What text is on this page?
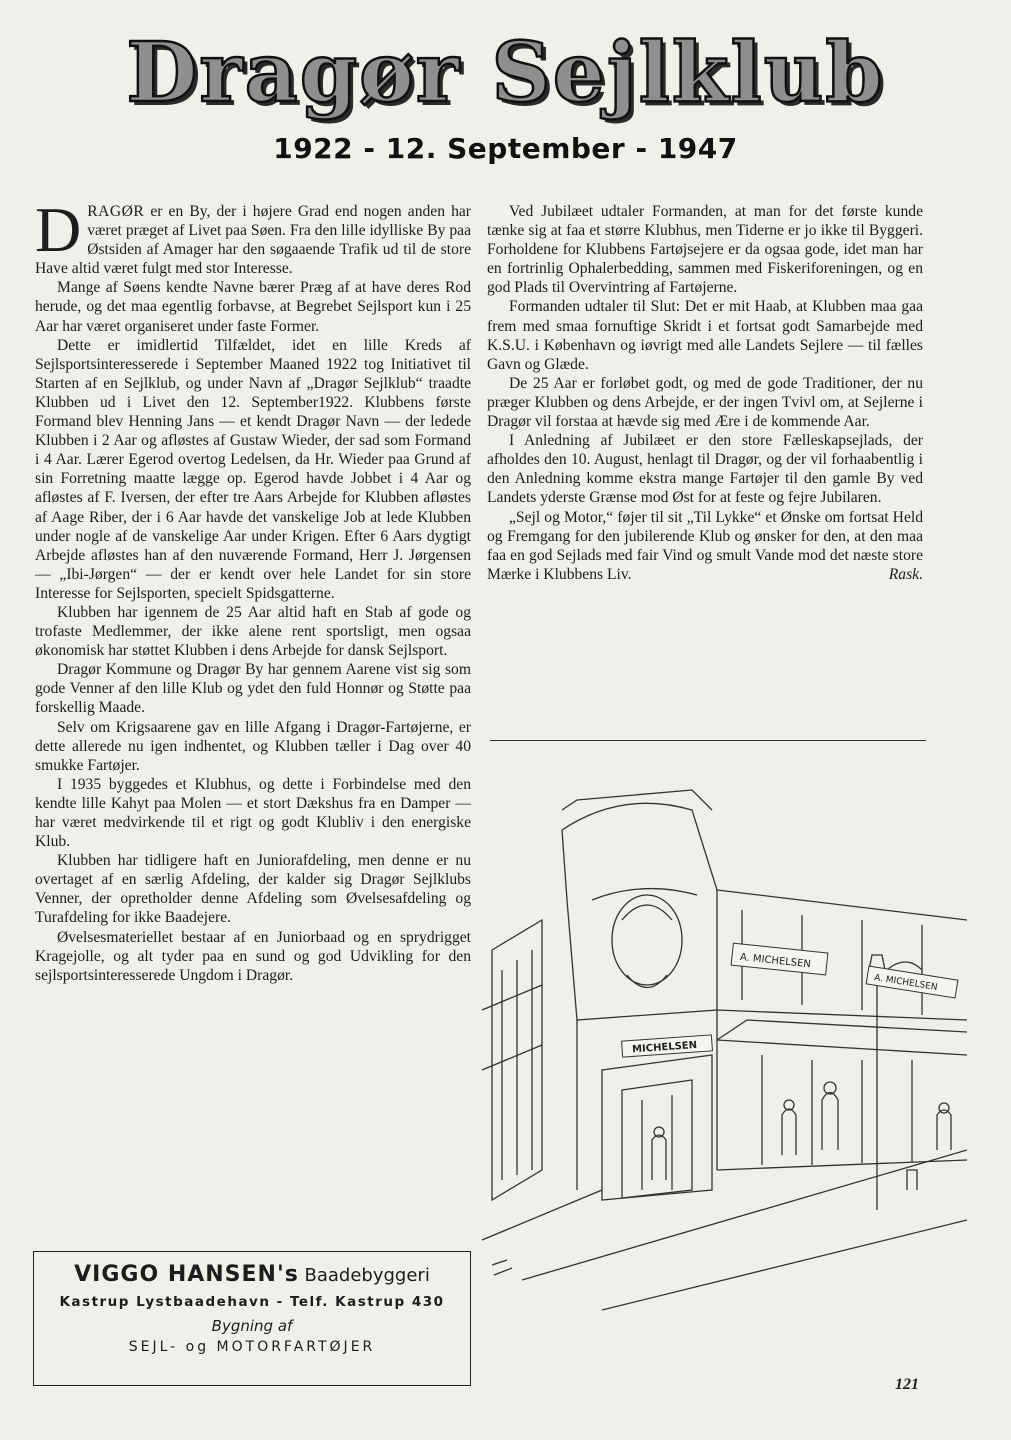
Dragør Sejlklub
1922 - 12. September - 1947

DRAGØR er en By, der i højere Grad end nogen anden har været præget af Livet paa Søen. Fra den lille idylliske By paa Østsiden af Amager har den søgaaende Trafik ud til de store Have altid været fulgt med stor Interesse.

Mange af Søens kendte Navne bærer Præg af at have deres Rod herude, og det maa egentlig forbavse, at Begrebet Sejlsport kun i 25 Aar har været organiseret under faste Former.

Dette er imidlertid Tilfældet, idet en lille Kreds af Sejlsportsinteresserede i September Maaned 1922 tog Initiativet til Starten af en Sejlklub, og under Navn af „Dragør Sejlklub“ traadte Klubben ud i Livet den 12. September1922. Klubbens første Formand blev Henning Jans — et kendt Dragør Navn — der ledede Klubben i 2 Aar og afløstes af Gustaw Wieder, der sad som Formand i 4 Aar. Lærer Egerod overtog Ledelsen, da Hr. Wieder paa Grund af sin Forretning maatte lægge op. Egerod havde Jobbet i 4 Aar og afløstes af F. Iversen, der efter tre Aars Arbejde for Klubben afløstes af Aage Riber, der i 6 Aar havde det vanskelige Job at lede Klubben under nogle af de vanskelige Aar under Krigen. Efter 6 Aars dygtigt Arbejde afløstes han af den nuværende Formand, Herr J. Jørgensen — „Ibi-Jørgen“ — der er kendt over hele Landet for sin store Interesse for Sejlsporten, specielt Spidsgatterne.

Klubben har igennem de 25 Aar altid haft en Stab af gode og trofaste Medlemmer, der ikke alene rent sportsligt, men ogsaa økonomisk har støttet Klubben i dens Arbejde for dansk Sejlsport.

Dragør Kommune og Dragør By har gennem Aarene vist sig som gode Venner af den lille Klub og ydet den fuld Honnør og Støtte paa forskellig Maade.

Selv om Krigsaarene gav en lille Afgang i Dragør-Fartøjerne, er dette allerede nu igen indhentet, og Klubben tæller i Dag over 40 smukke Fartøjer.

I 1935 byggedes et Klubhus, og dette i Forbindelse med den kendte lille Kahyt paa Molen — et stort Dækshus fra en Damper — har været medvirkende til et rigt og godt Klubliv i den energiske Klub.

Klubben har tidligere haft en Juniorafdeling, men denne er nu overtaget af en særlig Afdeling, der kalder sig Dragør Sejlklubs Venner, der opretholder denne Afdeling som Øvelsesafdeling og Turafdeling for ikke Baadejere.

Øvelsesmateriellet bestaar af en Juniorbaad og en sprydrigget Kragejolle, og alt tyder paa en sund og god Udvikling for den sejlsportsinteresserede Ungdom i Dragør.

Ved Jubilæet udtaler Formanden, at man for det første kunde tænke sig at faa et større Klubhus, men Tiderne er jo ikke til Byggeri. Forholdene for Klubbens Fartøjsejere er da ogsaa gode, idet man har en fortrinlig Ophalerbedding, sammen med Fiskeriforeningen, og en god Plads til Overvintring af Fartøjerne.

Formanden udtaler til Slut: Det er mit Haab, at Klubben maa gaa frem med smaa fornuftige Skridt i et fortsat godt Samarbejde med K.S.U. i København og iøvrigt med alle Landets Sejlere — til fælles Gavn og Glæde.

De 25 Aar er forløbet godt, og med de gode Traditioner, der nu præger Klubben og dens Arbejde, er der ingen Tvivl om, at Sejlerne i Dragør vil forstaa at hævde sig med Ære i de kommende Aar.

I Anledning af Jubilæet er den store Fælleskapsejlads, der afholdes den 10. August, henlagt til Dragør, og der vil forhaabentlig i den Anledning komme ekstra mange Fartøjer til den gamle By ved Landets yderste Grænse mod Øst for at feste og fejre Jubilaren.

„Sejl og Motor,“ føjer til sit „Til Lykke“ et Ønske om fortsat Held og Fremgang for den jubilerende Klub og ønsker for den, at den maa faa en god Sejlads med fair Vind og smult Vande mod det næste store Mærke i Klubbens Liv.	Rask.

A. MICHELSEN
A. MICHELSEN
MICHELSEN
VIGGO HANSEN's Baadebyggeri
Kastrup Lystbaadehavn - Telf. Kastrup 430
Bygning af
SEJL- og MOTORFARTØJER
121
